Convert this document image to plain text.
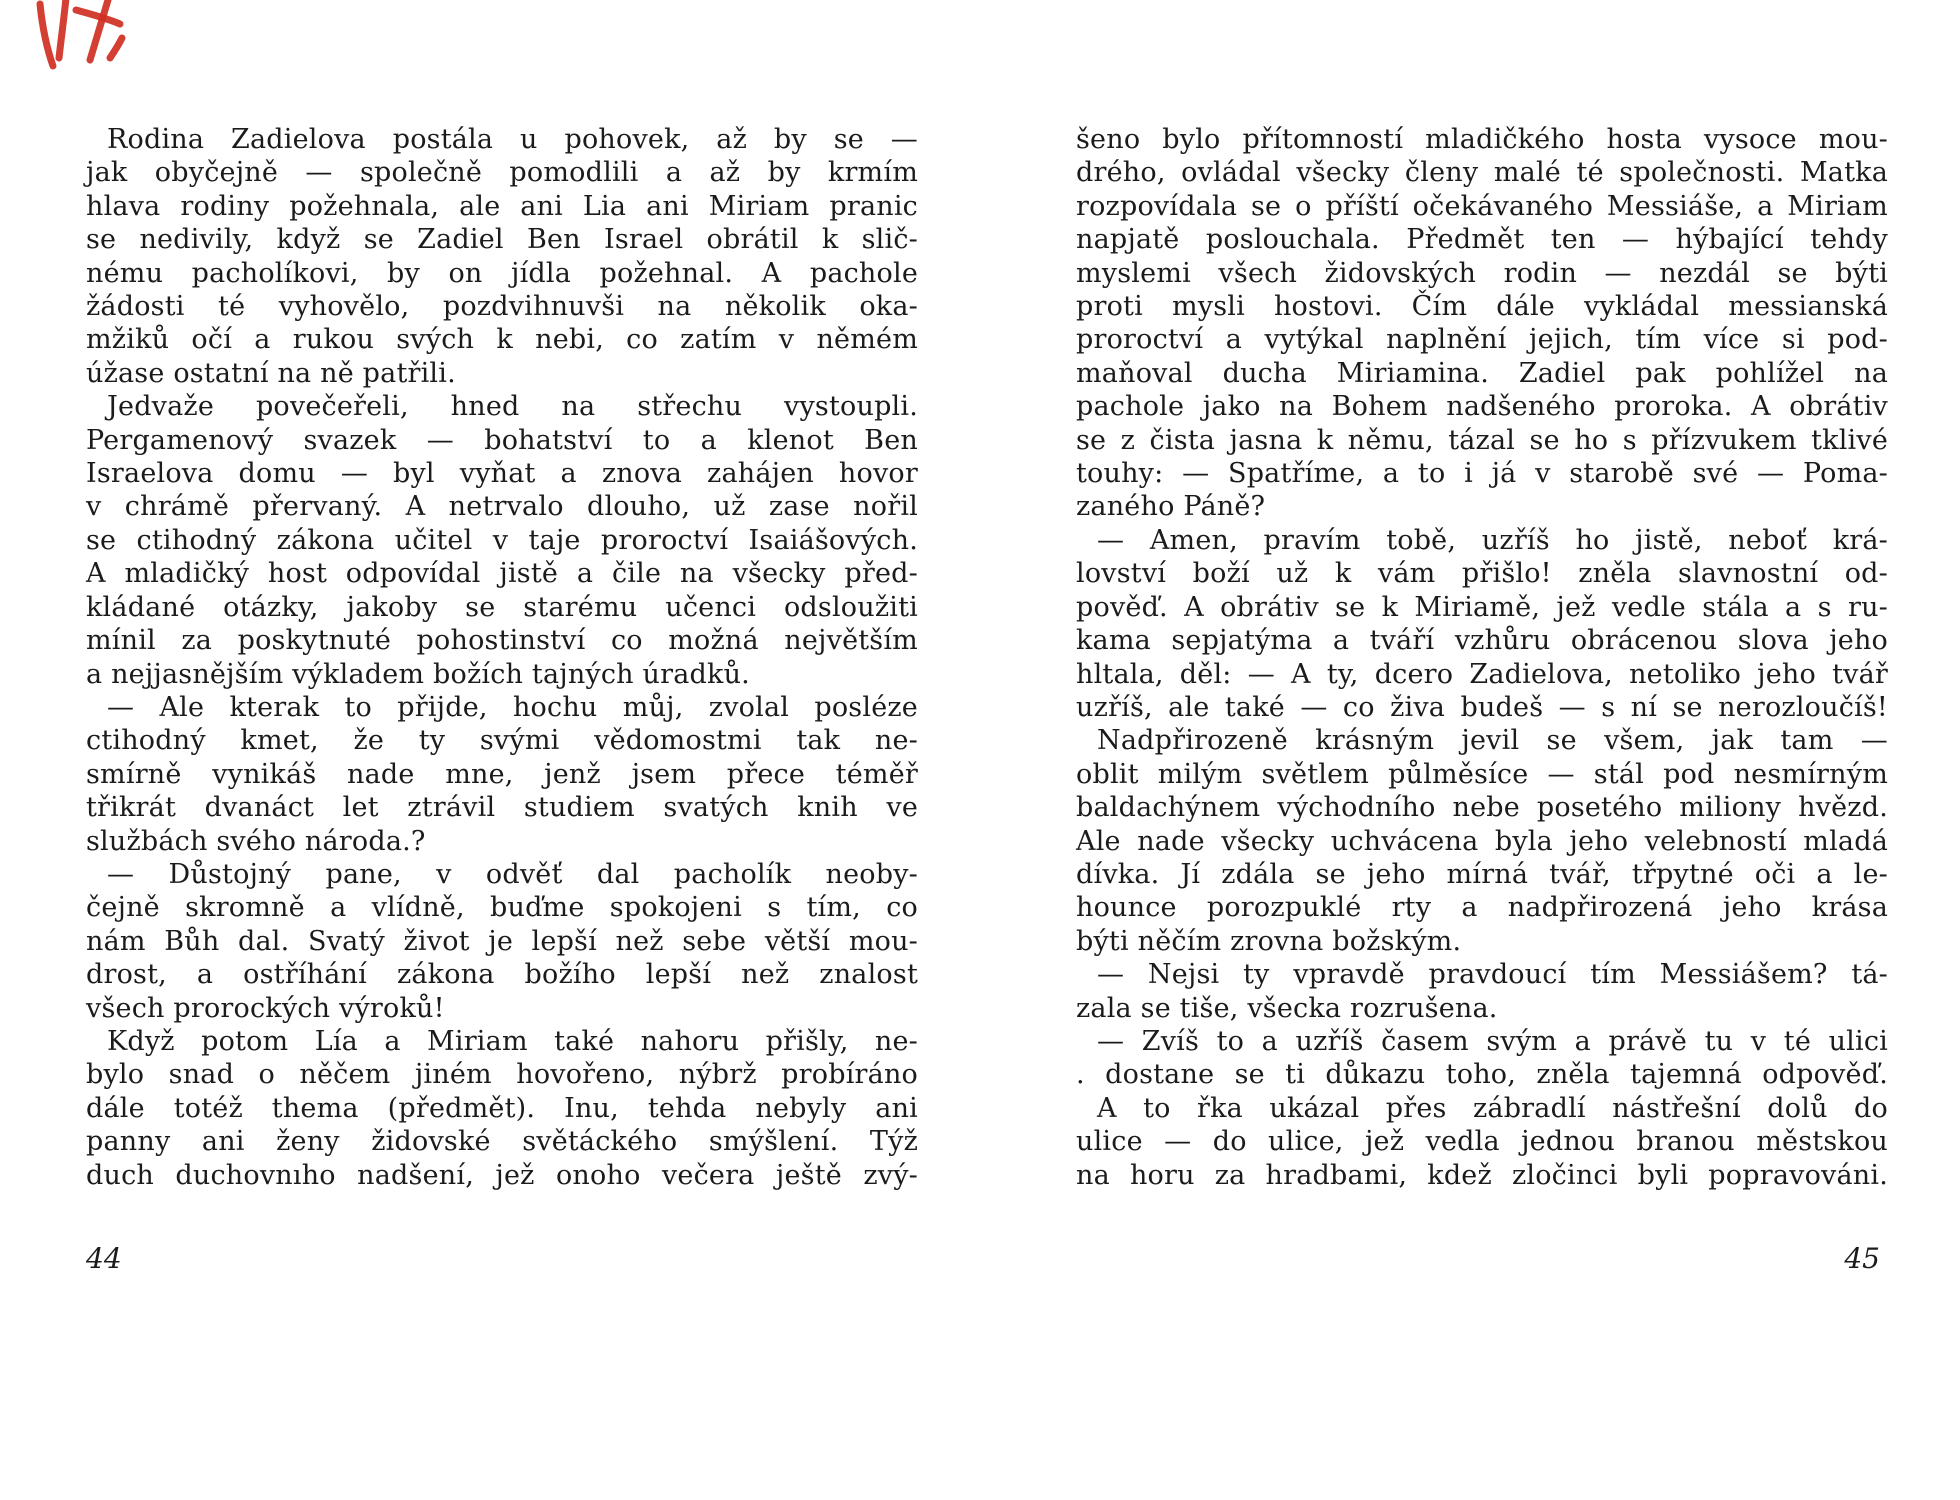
Rodina Zadielova postála u pohovek, až by se —
jak obyčejně — společně pomodlili a až by krmím
hlava rodiny požehnala, ale ani Lia ani Miriam pranic
se nedivily, když se Zadiel Ben Israel obrátil k slič-
nému pacholíkovi, by on jídla požehnal. A pachole
žádosti té vyhovělo, pozdvihnuvši na několik oka-
mžiků očí a rukou svých k nebi, co zatím v němém
úžase ostatní na ně patřili.
Jedvaže povečeřeli, hned na střechu vystoupli.
Pergamenový svazek — bohatství to a klenot Ben
Israelova domu — byl vyňat a znova zahájen hovor
v chrámě přervaný. A netrvalo dlouho, už zase nořil
se ctihodný zákona učitel v taje proroctví Isaiášových.
A mladičký host odpovídal jistě a čile na všecky před-
kládané otázky, jakoby se starému učenci odsloužiti
mínil za poskytnuté pohostinství co možná největším
a nejjasnějším výkladem božích tajných úradků.
— Ale kterak to přijde, hochu můj, zvolal posléze
ctihodný kmet, že ty svými vědomostmi tak ne-
smírně vynikáš nade mne, jenž jsem přece téměř
třikrát dvanáct let ztrávil studiem svatých knih ve
službách svého národa.?
— Důstojný pane, v odvěť dal pacholík neoby-
čejně skromně a vlídně, buďme spokojeni s tím, co
nám Bůh dal. Svatý život je lepší než sebe větší mou-
drost, a ostříhání zákona božího lepší než znalost
všech prorockých výroků!
Když potom Lía a Miriam také nahoru přišly, ne-
bylo snad o něčem jiném hovořeno, nýbrž probíráno
dále totéž thema (předmět). Inu, tehda nebyly ani
panny ani ženy židovské světáckého smýšlení. Týž
duch duchovnıho nadšení, jež onoho večera ještě zvý-
šeno bylo přítomností mladičkého hosta vysoce mou-
drého, ovládal všecky členy malé té společnosti. Matka
rozpovídala se o příští očekávaného Messiáše, a Miriam
napjatě poslouchala. Předmět ten — hýbající tehdy
myslemi všech židovských rodin — nezdál se býti
proti mysli hostovi. Čím dále vykládal messianská
proroctví a vytýkal naplnění jejich, tím více si pod-
maňoval ducha Miriamina. Zadiel pak pohlížel na
pachole jako na Bohem nadšeného proroka. A obrátiv
se z čista jasna k němu, tázal se ho s přízvukem tklivé
touhy: — Spatříme, a to i já v starobě své — Poma-
zaného Páně?
— Amen, pravím tobě, uzříš ho jistě, neboť krá-
lovství boží už k vám přišlo! zněla slavnostní od-
pověď. A obrátiv se k Miriamě, jež vedle stála a s ru-
kama sepjatýma a tváří vzhůru obrácenou slova jeho
hltala, děl: — A ty, dcero Zadielova, netoliko jeho tvář
uzříš, ale také — co živa budeš — s ní se nerozloučíš!
Nadpřirozeně krásným jevil se všem, jak tam —
oblit milým světlem půlměsíce — stál pod nesmírným
baldachýnem východního nebe posetého miliony hvězd.
Ale nade všecky uchvácena byla jeho velebností mladá
dívka. Jí zdála se jeho mírná tvář, třpytné oči a le-
hounce porozpuklé rty a nadpřirozená jeho krása
býti něčím zrovna božským.
— Nejsi ty vpravdě pravdoucí tím Messiášem? tá-
zala se tiše, všecka rozrušena.
— Zvíš to a uzříš časem svým a právě tu v té ulici
. dostane se ti důkazu toho, zněla tajemná odpověď.
A to řka ukázal přes zábradlí nástřešní dolů do
ulice — do ulice, jež vedla jednou branou městskou
na horu za hradbami, kdež zločinci byli popravováni.
44	45
